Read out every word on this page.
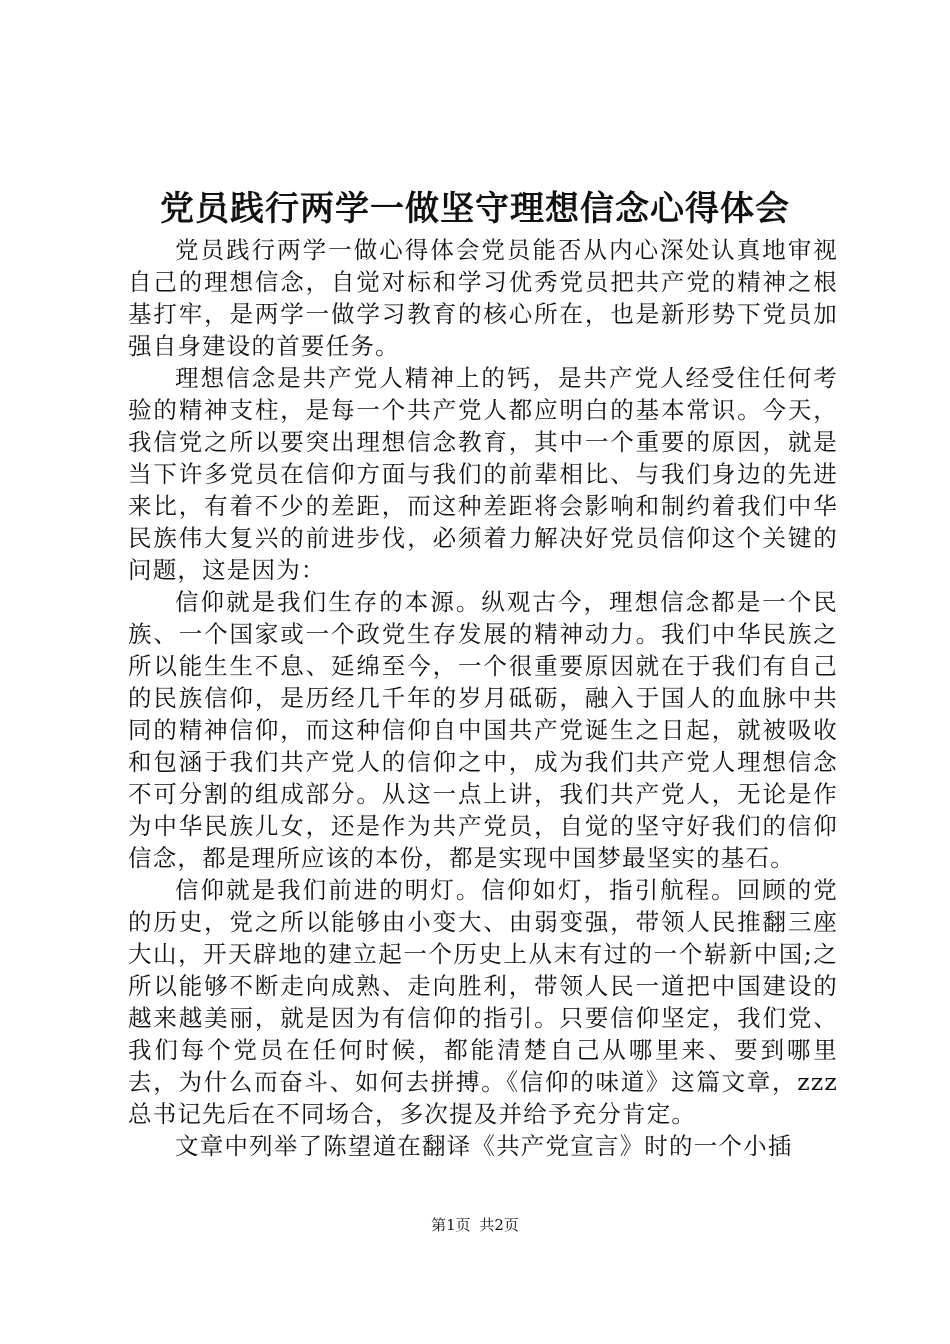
党员践行两学一做坚守理想信念心得体会

党员践行两学一做心得体会党员能否从内心深处认真地审视自己的理想信念，自觉对标和学习优秀党员把共产党的精神之根基打牢，是两学一做学习教育的核心所在，也是新形势下党员加强自身建设的首要任务。

理想信念是共产党人精神上的钙，是共产党人经受住任何考验的精神支柱，是每一个共产党人都应明白的基本常识。今天，我信党之所以要突出理想信念教育，其中一个重要的原因，就是当下许多党员在信仰方面与我们的前辈相比、与我们身边的先进来比，有着不少的差距，而这种差距将会影响和制约着我们中华民族伟大复兴的前进步伐，必须着力解决好党员信仰这个关键的问题，这是因为：

信仰就是我们生存的本源。纵观古今，理想信念都是一个民族、一个国家或一个政党生存发展的精神动力。我们中华民族之所以能生生不息、延绵至今，一个很重要原因就在于我们有自己的民族信仰，是历经几千年的岁月砥砺，融入于国人的血脉中共同的精神信仰，而这种信仰自中国共产党诞生之日起，就被吸收和包涵于我们共产党人的信仰之中，成为我们共产党人理想信念不可分割的组成部分。从这一点上讲，我们共产党人，无论是作为中华民族儿女，还是作为共产党员，自觉的坚守好我们的信仰信念，都是理所应该的本份，都是实现中国梦最坚实的基石。

信仰就是我们前进的明灯。信仰如灯，指引航程。回顾的党的历史，党之所以能够由小变大、由弱变强，带领人民推翻三座大山，开天辟地的建立起一个历史上从末有过的一个崭新中国;之所以能够不断走向成熟、走向胜利，带领人民一道把中国建设的越来越美丽，就是因为有信仰的指引。只要信仰坚定，我们党、我们每个党员在任何时候，都能清楚自己从哪里来、要到哪里去，为什么而奋斗、如何去拼搏。《信仰的味道》这篇文章，zzz总书记先后在不同场合，多次提及并给予充分肯定。

文章中列举了陈望道在翻译《共产党宣言》时的一个小插

第1页 共2页
